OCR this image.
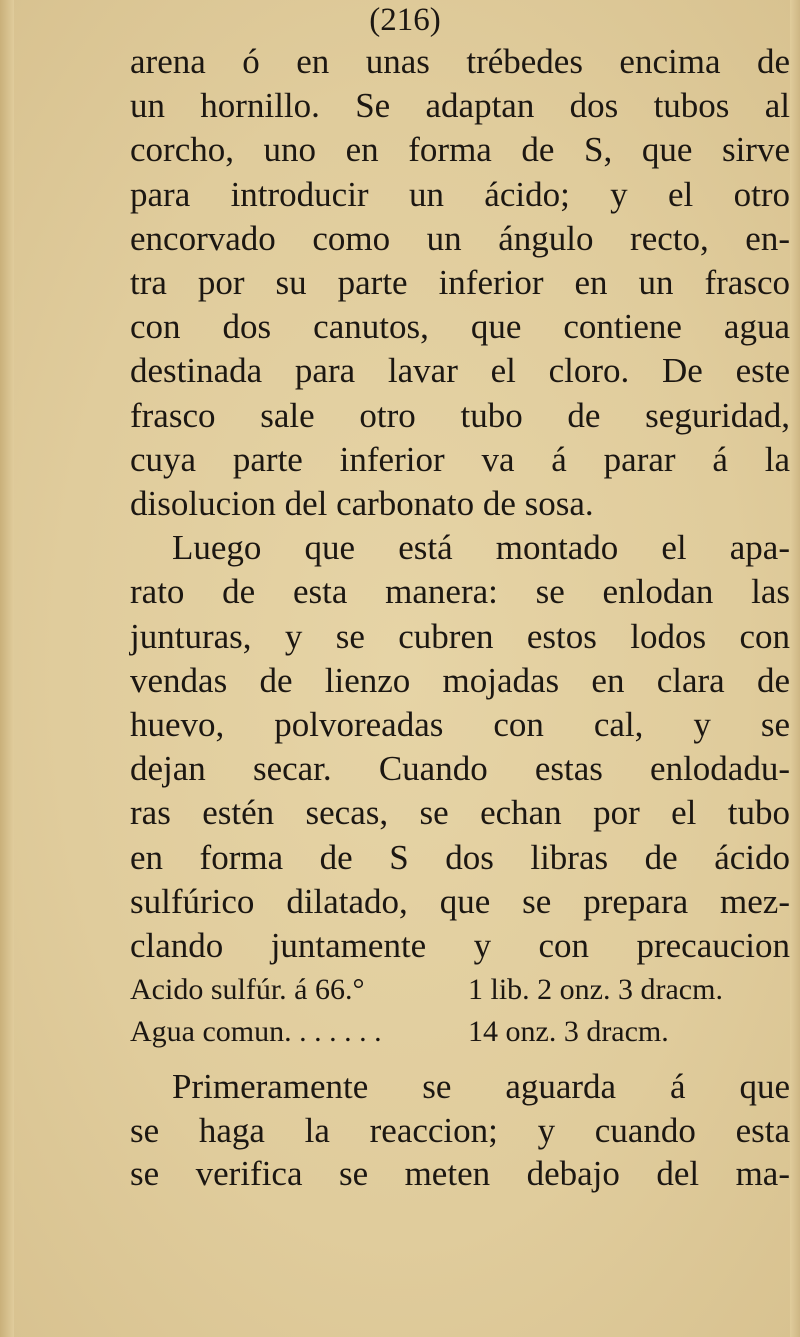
(216)
arena ó en unas trébedes encima de
un hornillo. Se adaptan dos tubos al
corcho, uno en forma de S, que sirve
para introducir un ácido; y el otro
encorvado como un ángulo recto, en-
tra por su parte inferior en un frasco
con dos canutos, que contiene agua
destinada para lavar el cloro. De este
frasco sale otro tubo de seguridad,
cuya parte inferior va á parar á la
disolucion del carbonato de sosa.
Luego que está montado el apa-
rato de esta manera: se enlodan las
junturas, y se cubren estos lodos con
vendas de lienzo mojadas en clara de
huevo, polvoreadas con cal, y se
dejan secar. Cuando estas enlodadu-
ras estén secas, se echan por el tubo
en forma de S dos libras de ácido
sulfúrico dilatado, que se prepara mez-
clando juntamente y con precaucion
Acido sulfúr. á 66.°	1 lib. 2 onz. 3 dracm.
Agua comun. . . . . . .	14 onz. 3 dracm.
Primeramente se aguarda á que
se haga la reaccion; y cuando esta
se verifica se meten debajo del ma-
